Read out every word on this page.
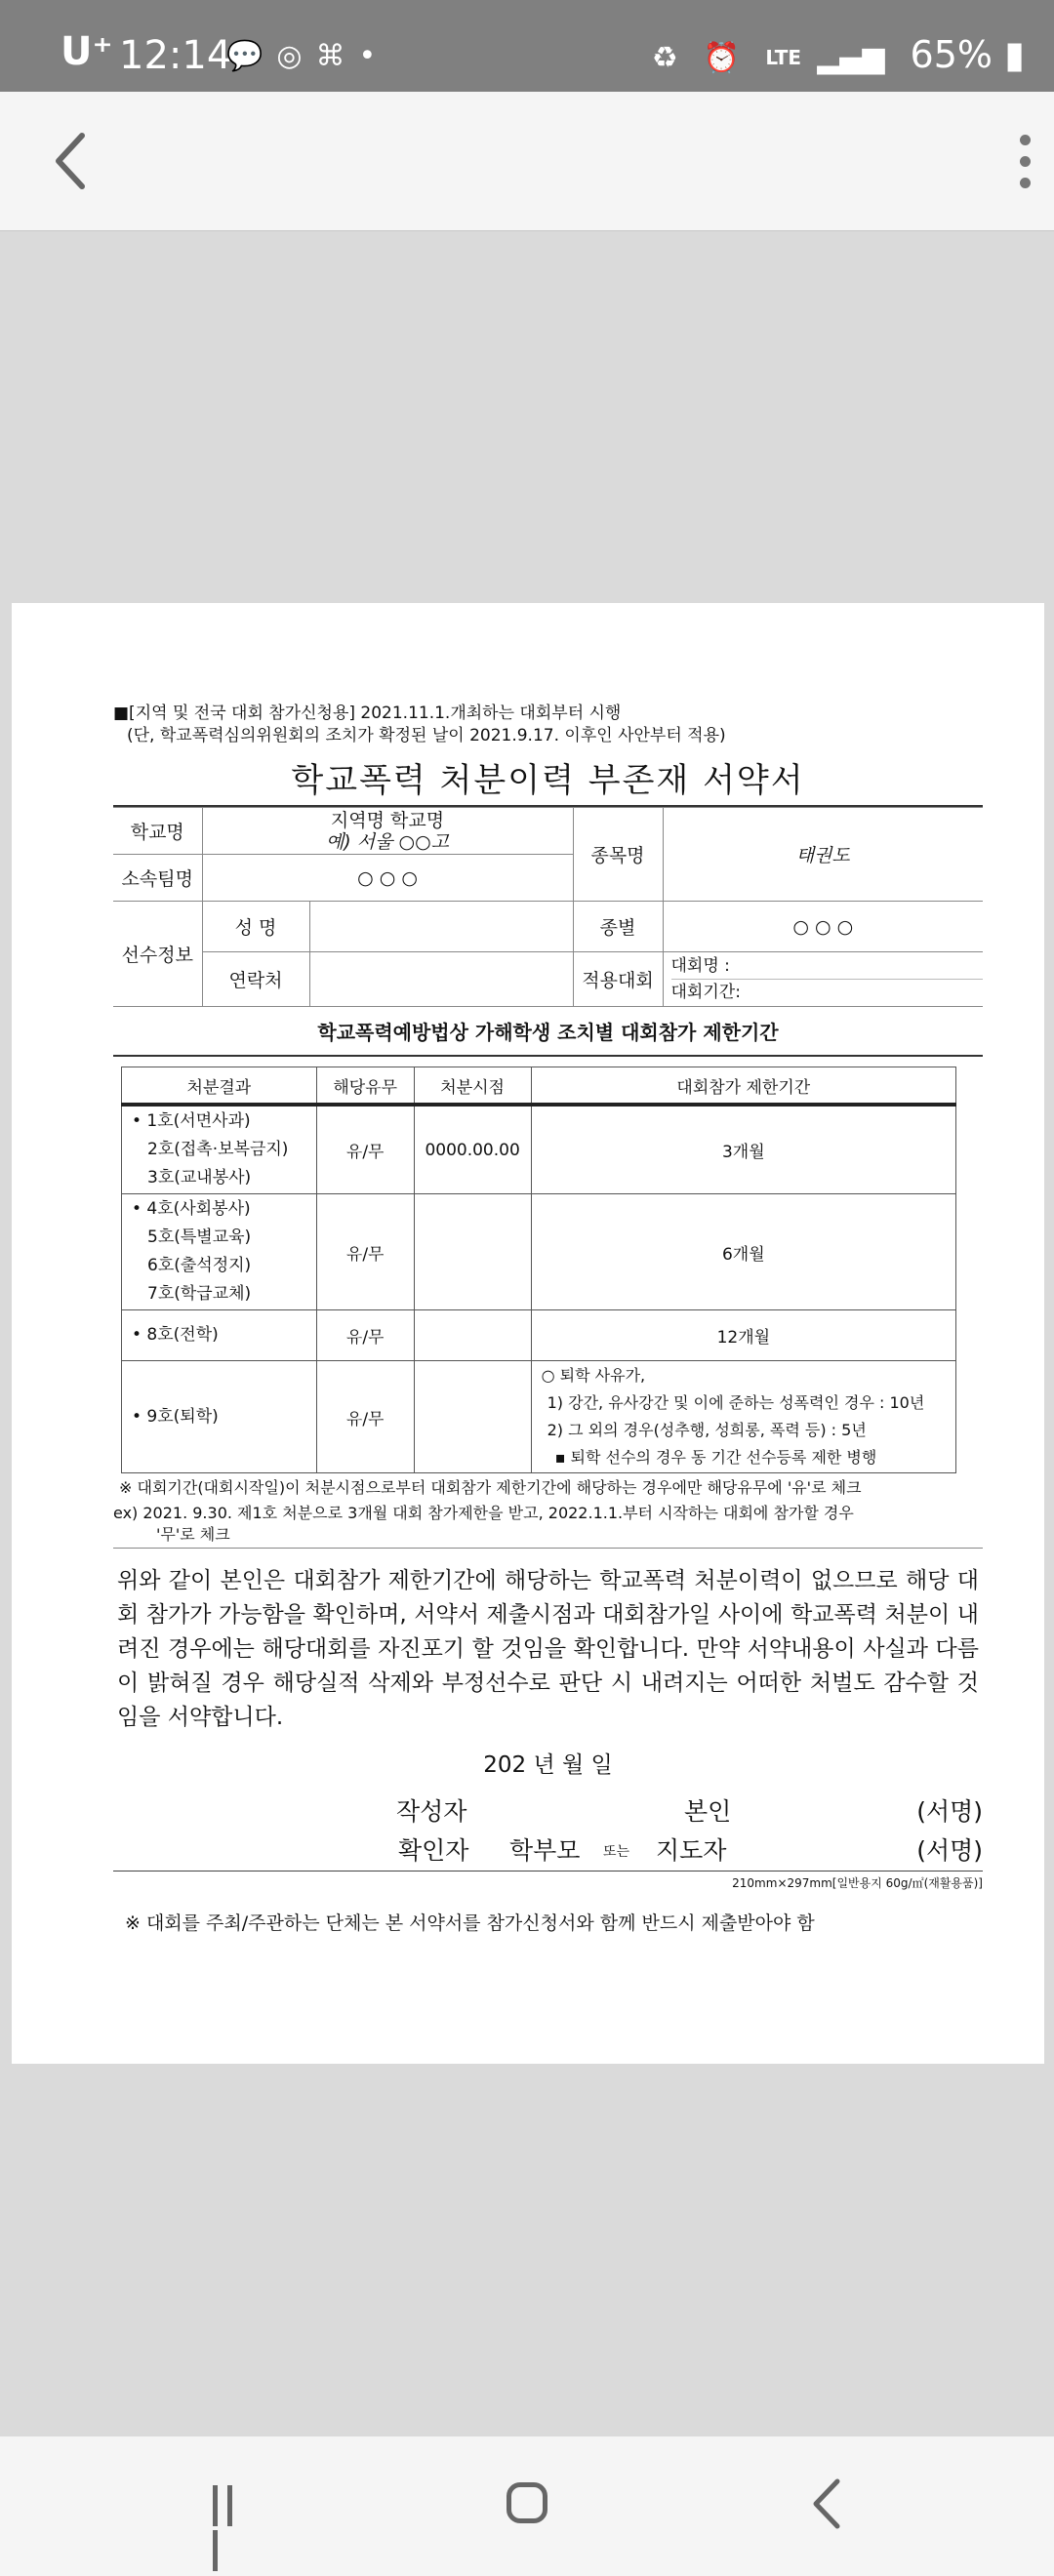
U⁺ 12:14
💬◎⌘•	♻ ⏰ LTE ▂▄▆ 65% ▮
■[지역 및 전국 대회 참가신청용] 2021.11.1.개최하는 대회부터 시행
(단, 학교폭력심의위원회의 조치가 확정된 날이 2021.9.17. 이후인 사안부터 적용)
학교폭력 처분이력 부존재 서약서
학교명	지역명 학교명
예) 서울 ○○고		종목명	태권도
소속팀명	○ ○ ○			
선수정보	성 명		종별	○ ○ ○
	연락처		적용대회	대회명 :
대회기간:
학교폭력예방법상 가해학생 조치별 대회참가 제한기간
처분결과	해당유무	처분시점	대회참가 제한기간

• 1호(서면사과)
2호(접촉·보복금지)
3호(교내봉사)	유/무	0000.00.00	3개월

• 4호(사회봉사)
5호(특별교육)
6호(출석정지)
7호(학급교체)	유/무		6개월
• 8호(전학)	유/무		12개월
• 9호(퇴학)	유/무		○ 퇴학 사유가,
1) 강간, 유사강간 및 이에 준하는 성폭력인 경우 : 10년
2) 그 외의 경우(성추행, 성희롱, 폭력 등) : 5년
▪ 퇴학 선수의 경우 동 기간 선수등록 제한 병행
※ 대회기간(대회시작일)이 처분시점으로부터 대회참가 제한기간에 해당하는 경우에만 해당유무에 '유'로 체크
ex) 2021. 9.30. 제1호 처분으로 3개월 대회 참가제한을 받고, 2022.1.1.부터 시작하는 대회에 참가할 경우
'무'로 체크
위와 같이 본인은 대회참가 제한기간에 해당하는 학교폭력 처분이력이 없으므로 해당 대회 참가가 가능함을 확인하며, 서약서 제출시점과 대회참가일 사이에 학교폭력 처분이 내려진 경우에는 해당대회를 자진포기 할 것임을 확인합니다. 만약 서약내용이 사실과 다름이 밝혀질 경우 해당실적 삭제와 부정선수로 판단 시 내려지는 어떠한 처벌도 감수할 것임을 서약합니다.
202 년 월 일
작성자	본인	(서명)
확인자 학부모 또는 지도자	(서명)
210mm×297mm[일반용지 60g/㎡(재활용품)]
※ 대회를 주최/주관하는 단체는 본 서약서를 참가신청서와 함께 반드시 제출받아야 함
